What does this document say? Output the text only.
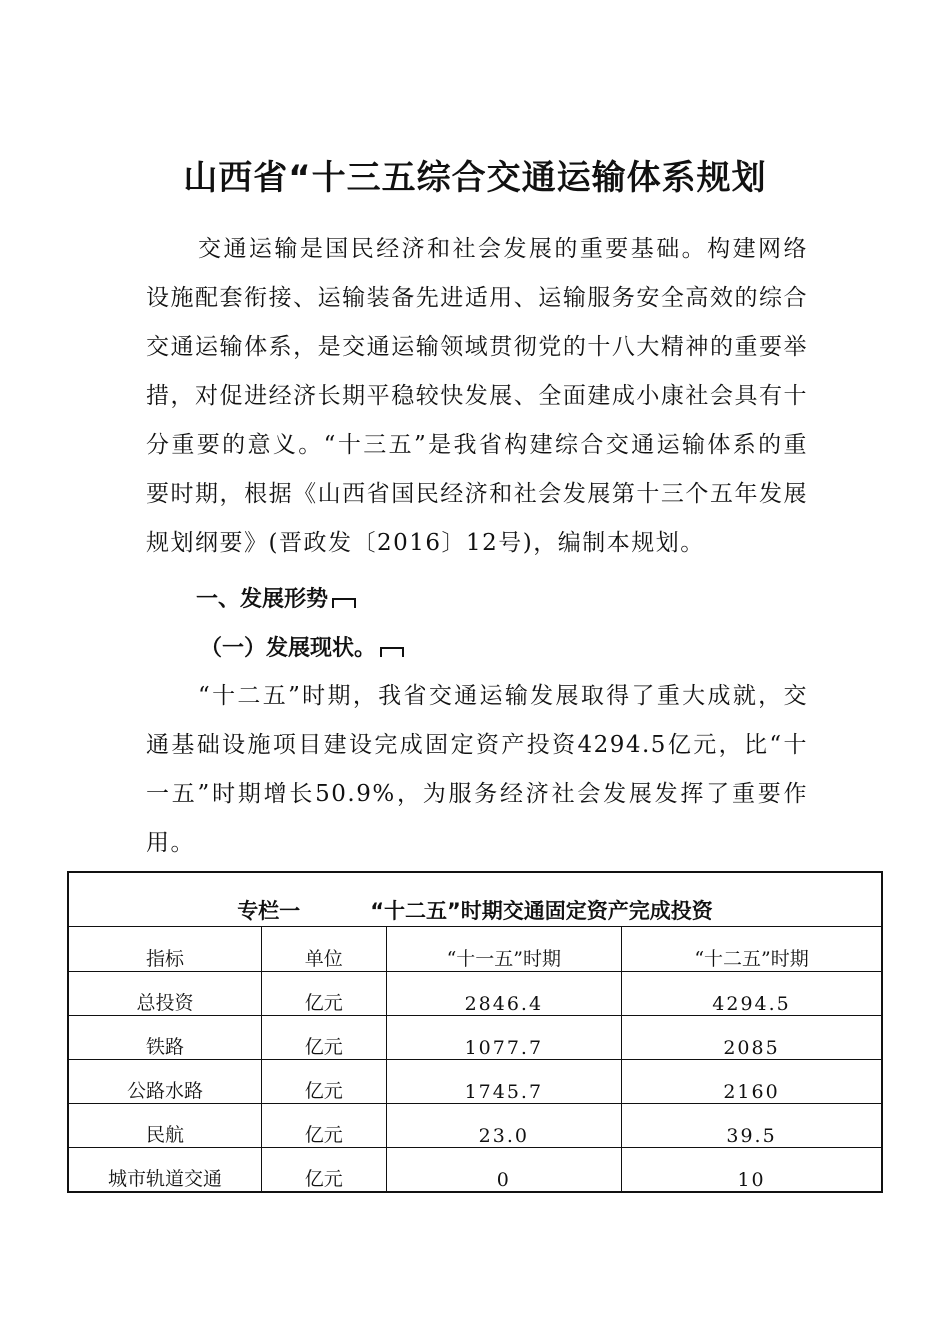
山西省“十三五综合交通运输体系规划

交通运输是国民经济和社会发展的重要基础。构建网络设施配套衔接、运输装备先进适用、运输服务安全高效的综合交通运输体系，是交通运输领域贯彻党的十八大精神的重要举措，对促进经济长期平稳较快发展、全面建成小康社会具有十分重要的意义。“十三五”是我省构建综合交通运输体系的重要时期，根据《山西省国民经济和社会发展第十三个五年发展规划纲要》(晋政发〔2016〕12号)，编制本规划。

一、发展形势
（一）发展现状。

“十二五”时期，我省交通运输发展取得了重大成就，交通基础设施项目建设完成固定资产投资4294.5亿元，比“十一五”时期增长50.9%，为服务经济社会发展发挥了重要作用。

专栏一 “十二五”时期交通固定资产完成投资			
指标	单位	“十一五”时期	“十二五”时期
总投资	亿元	2846.4	4294.5
铁路	亿元	1077.7	2085
公路水路	亿元	1745.7	2160
民航	亿元	23.0	39.5
城市轨道交通	亿元	0	10
